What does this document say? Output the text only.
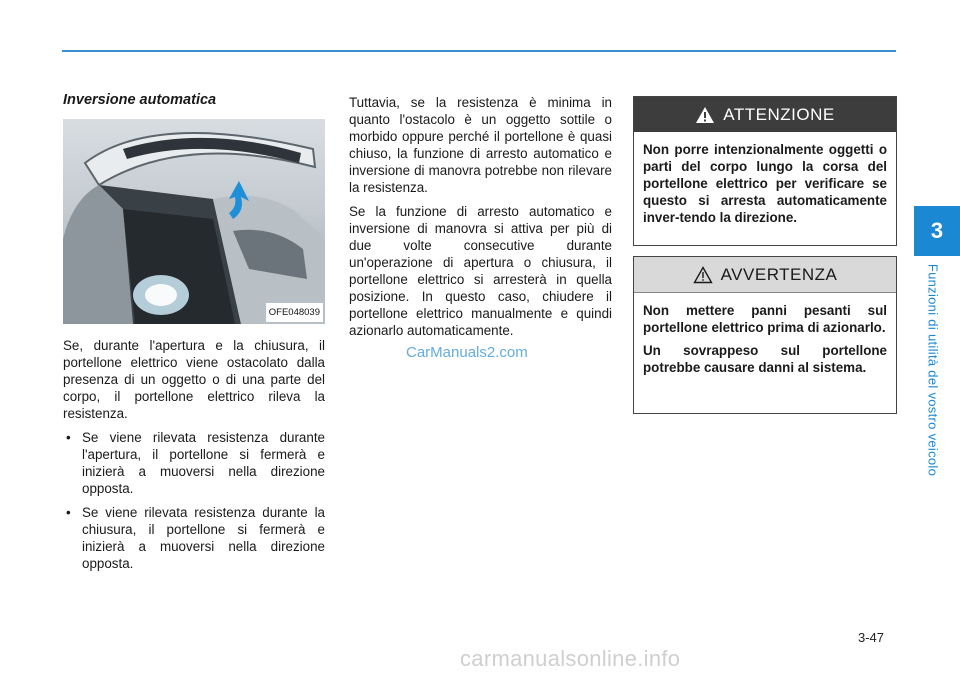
3
Funzioni di utilità del vostro veicolo
Inversione automatica
OFE048039

Se, durante l'apertura e la chiusura, il portellone elettrico viene ostacolato dalla presenza di un oggetto o di una parte del corpo, il portellone elettrico rileva la resistenza.

• Se viene rilevata resistenza durante l'apertura, il portellone si fermerà e inizierà a muoversi nella direzione opposta.
• Se viene rilevata resistenza durante la chiusura, il portellone si fermerà e inizierà a muoversi nella direzione opposta.

Tuttavia, se la resistenza è minima in quanto l'ostacolo è un oggetto sottile o morbido oppure perché il portellone è quasi chiuso, la funzione di arresto automatico e inversione di manovra potrebbe non rilevare la resistenza.

Se la funzione di arresto automatico e inversione di manovra si attiva per più di due volte consecutive durante un'operazione di apertura o chiusura, il portellone elettrico si arresterà in quella posizione. In questo caso, chiudere il portellone elettrico manualmente e quindi azionarlo automaticamente.

ATTENZIONE

Non porre intenzionalmente oggetti o parti del corpo lungo la corsa del portellone elettrico per verificare se questo si arresta automaticamente inver-tendo la direzione.

AVVERTENZA

Non mettere panni pesanti sul portellone elettrico prima di azionarlo.

Un sovrappeso sul portellone potrebbe causare danni al sistema.

3-47
CarManuals2.com
carmanualsonline.info
